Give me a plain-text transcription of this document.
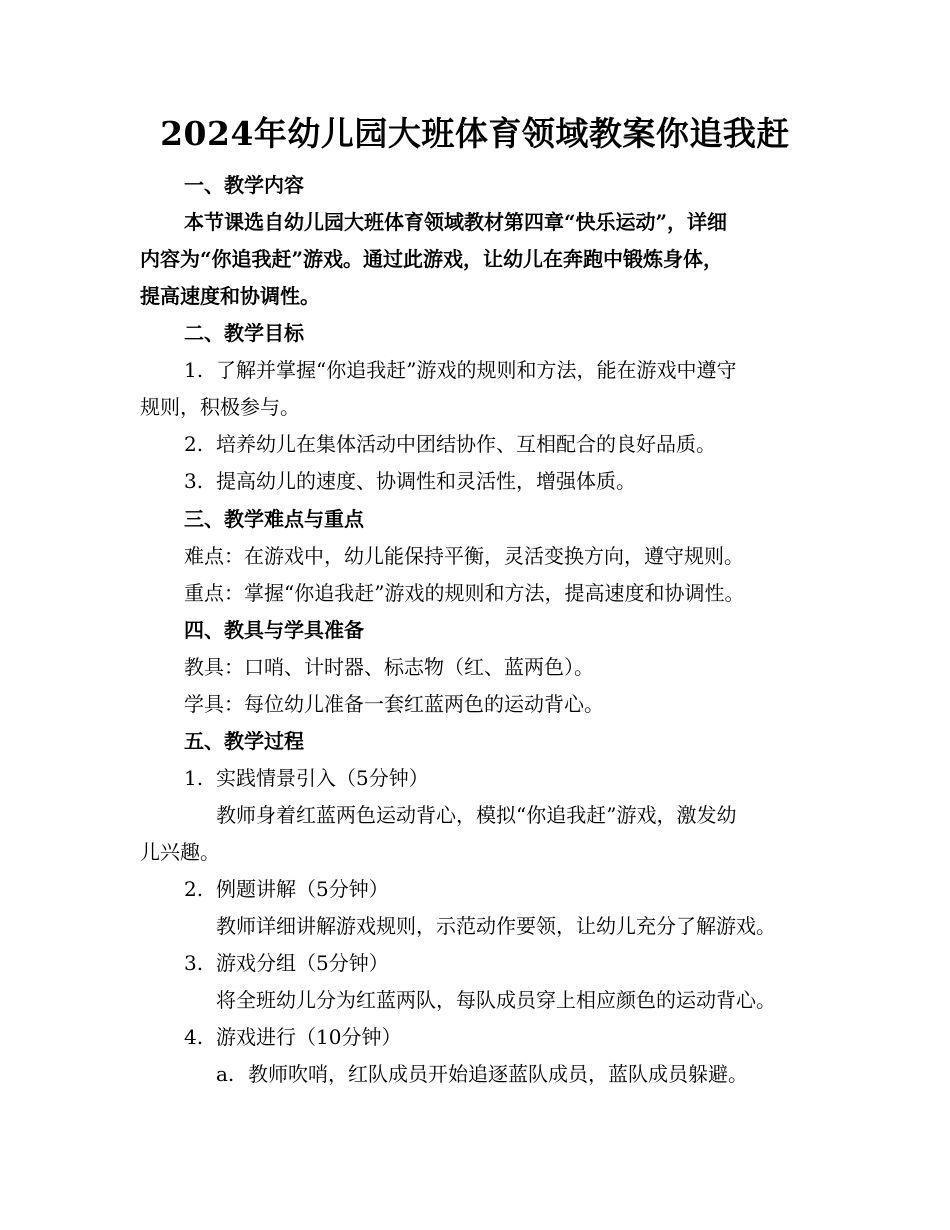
2024年幼儿园大班体育领域教案你追我赶
一、教学内容
本节课选自幼儿园大班体育领域教材第四章“快乐运动”，详细
内容为“你追我赶”游戏。通过此游戏，让幼儿在奔跑中锻炼身体，
提高速度和协调性。
二、教学目标
1. 了解并掌握“你追我赶”游戏的规则和方法，能在游戏中遵守
规则，积极参与。
2. 培养幼儿在集体活动中团结协作、互相配合的良好品质。
3. 提高幼儿的速度、协调性和灵活性，增强体质。
三、教学难点与重点
难点：在游戏中，幼儿能保持平衡，灵活变换方向，遵守规则。
重点：掌握“你追我赶”游戏的规则和方法，提高速度和协调性。
四、教具与学具准备
教具：口哨、计时器、标志物（红、蓝两色）。
学具：每位幼儿准备一套红蓝两色的运动背心。
五、教学过程
1. 实践情景引入（5分钟）
教师身着红蓝两色运动背心，模拟“你追我赶”游戏，激发幼
儿兴趣。
2. 例题讲解（5分钟）
教师详细讲解游戏规则，示范动作要领，让幼儿充分了解游戏。
3. 游戏分组（5分钟）
将全班幼儿分为红蓝两队，每队成员穿上相应颜色的运动背心。
4. 游戏进行（10分钟）
a. 教师吹哨，红队成员开始追逐蓝队成员，蓝队成员躲避。
